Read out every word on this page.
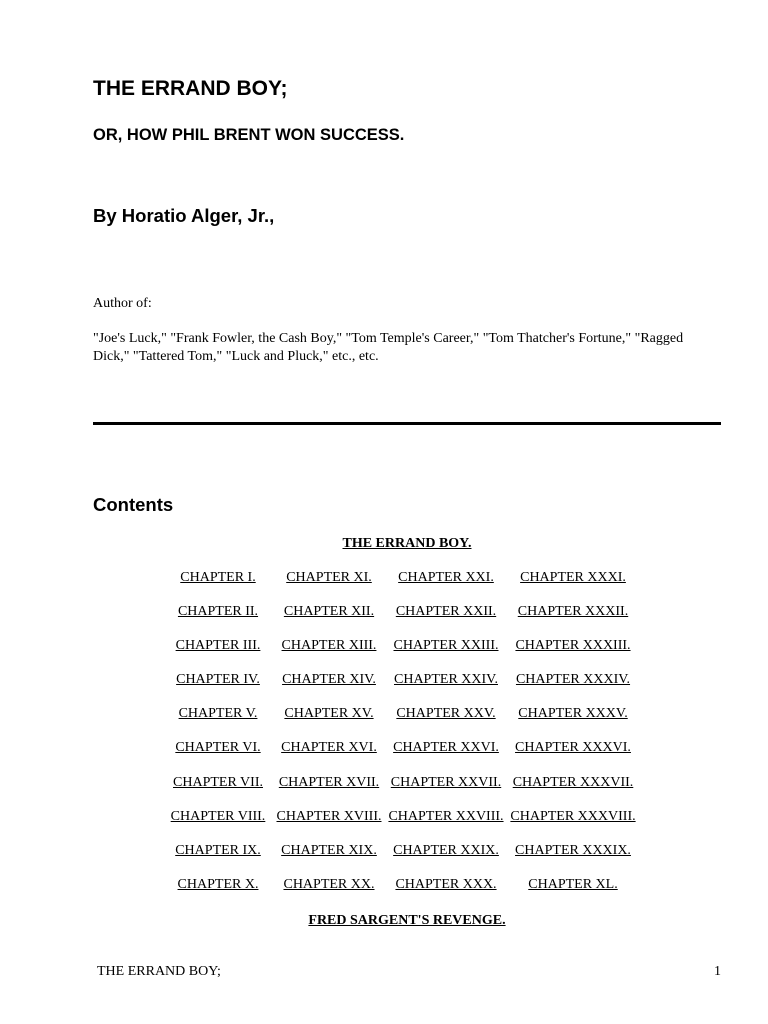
THE ERRAND BOY;
OR, HOW PHIL BRENT WON SUCCESS.
By Horatio Alger, Jr.,

Author of:

"Joe's Luck," "Frank Fowler, the Cash Boy," "Tom Temple's Career," "Tom Thatcher's Fortune," "Ragged Dick," "Tattered Tom," "Luck and Pluck," etc., etc.

Contents
THE ERRAND BOY.
CHAPTER I.	CHAPTER XI.	CHAPTER XXI.	CHAPTER XXXI.
CHAPTER II.	CHAPTER XII.	CHAPTER XXII.	CHAPTER XXXII.
CHAPTER III.	CHAPTER XIII.	CHAPTER XXIII.	CHAPTER XXXIII.
CHAPTER IV.	CHAPTER XIV.	CHAPTER XXIV.	CHAPTER XXXIV.
CHAPTER V.	CHAPTER XV.	CHAPTER XXV.	CHAPTER XXXV.
CHAPTER VI.	CHAPTER XVI.	CHAPTER XXVI.	CHAPTER XXXVI.
CHAPTER VII.	CHAPTER XVII. CHAPTER XXVII. CHAPTER XXXVII.
CHAPTER VIII. CHAPTER XVIII. CHAPTER XXVIII. CHAPTER XXXVIII.
CHAPTER IX.	CHAPTER XIX.	CHAPTER XXIX.	CHAPTER XXXIX.
CHAPTER X.	CHAPTER XX.	CHAPTER XXX.	CHAPTER XL.
FRED SARGENT'S REVENGE.
THE ERRAND BOY;	1
